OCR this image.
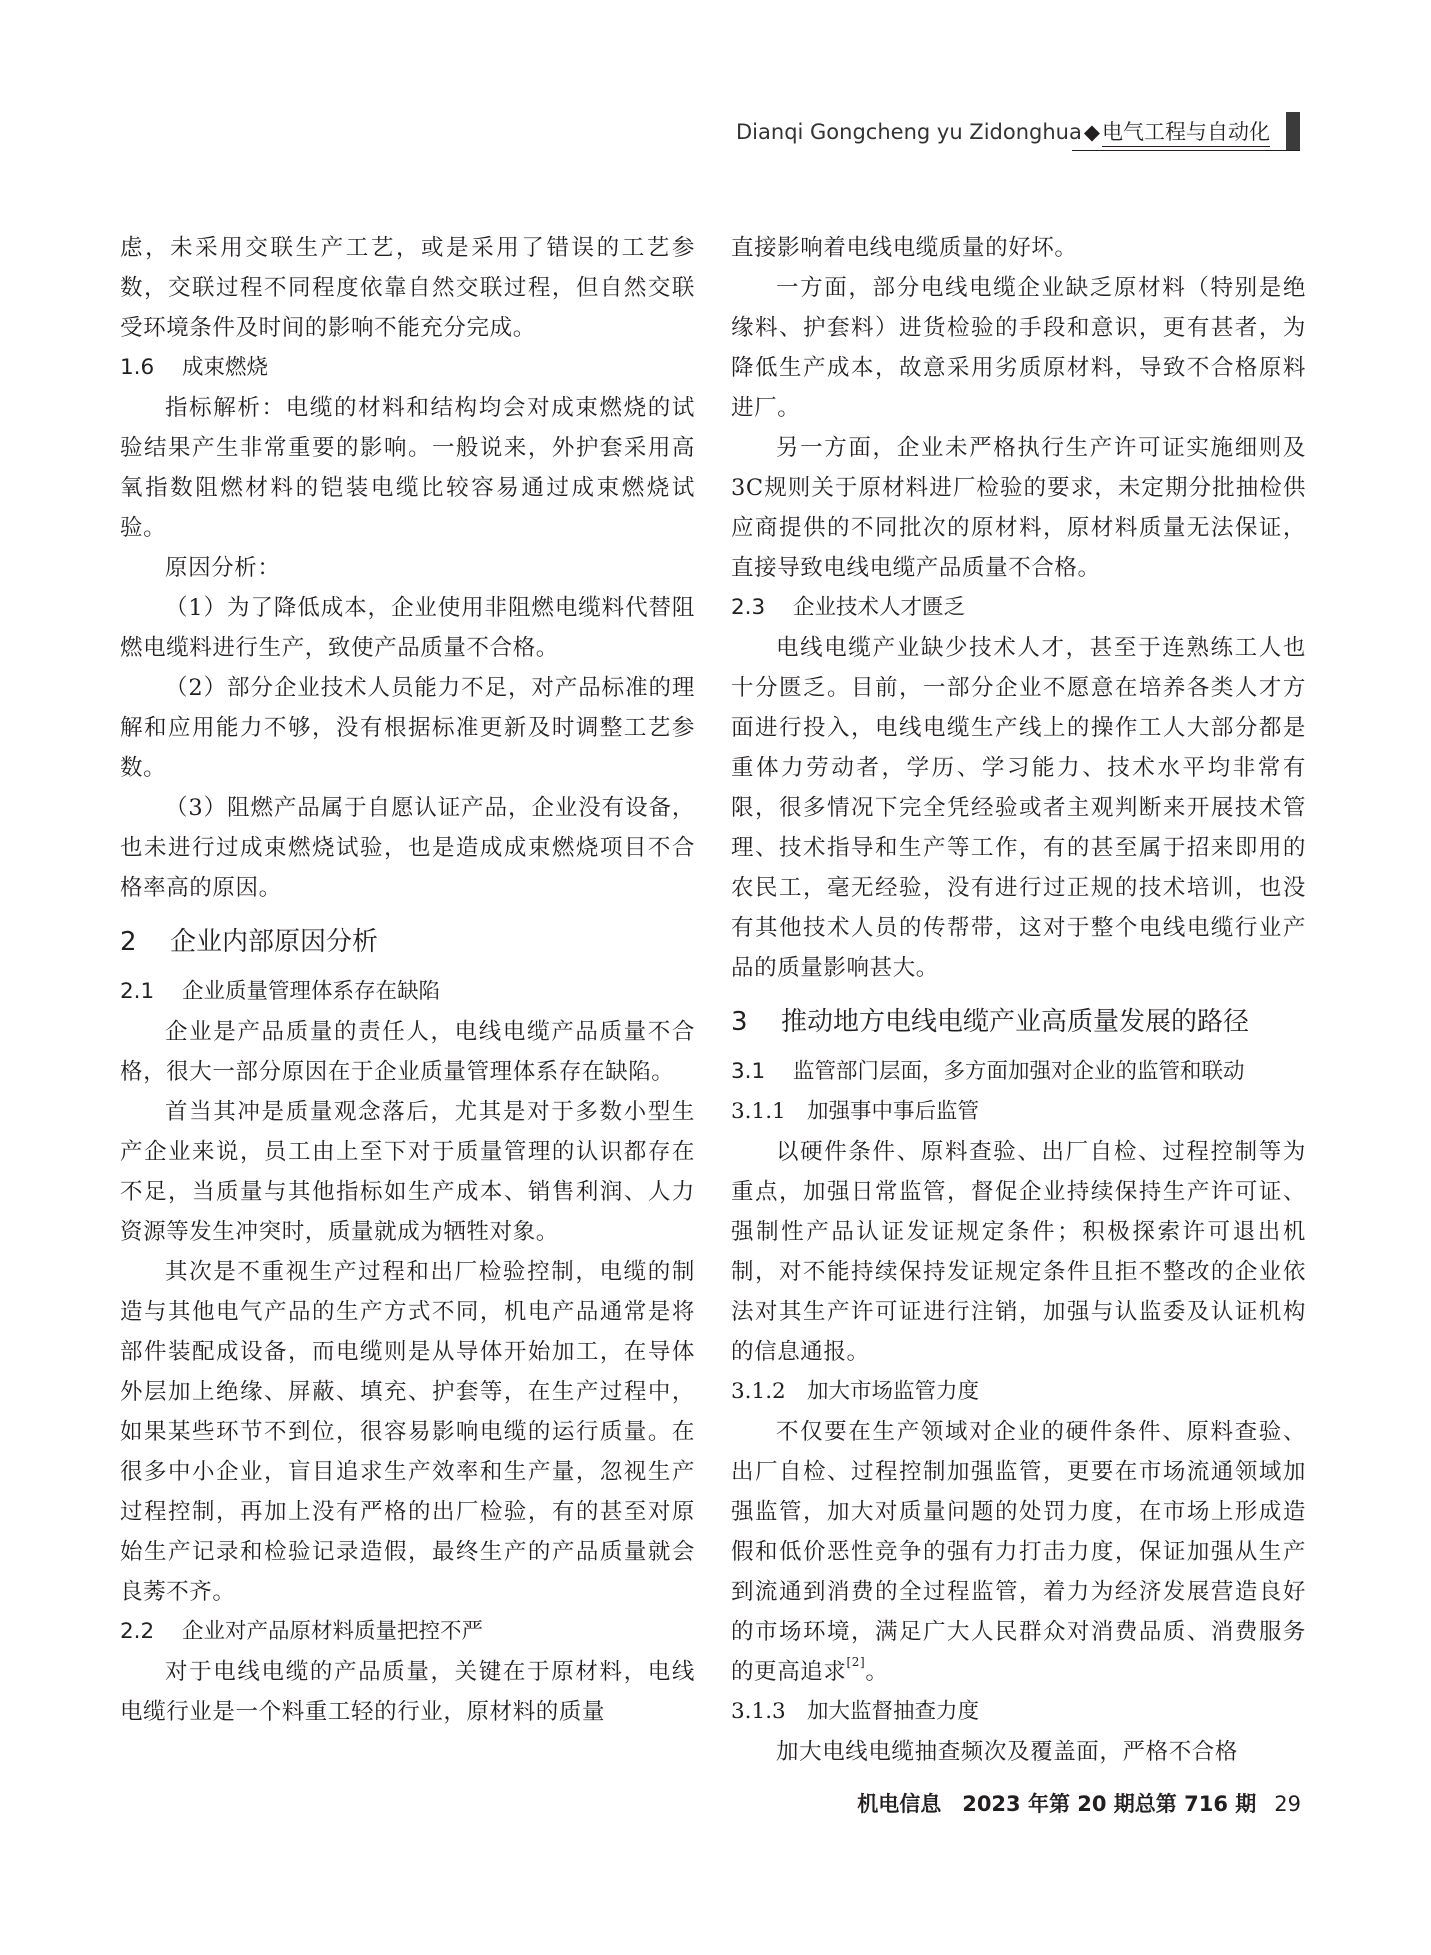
Dianqi Gongcheng yu Zidonghua◆电气工程与自动化

虑，未采用交联生产工艺，或是采用了错误的工艺参数，交联过程不同程度依靠自然交联过程，但自然交联受环境条件及时间的影响不能充分完成。

1.6 成束燃烧

指标解析：电缆的材料和结构均会对成束燃烧的试验结果产生非常重要的影响。一般说来，外护套采用高氧指数阻燃材料的铠装电缆比较容易通过成束燃烧试验。

原因分析：

（1）为了降低成本，企业使用非阻燃电缆料代替阻燃电缆料进行生产，致使产品质量不合格。

（2）部分企业技术人员能力不足，对产品标准的理解和应用能力不够，没有根据标准更新及时调整工艺参数。

（3）阻燃产品属于自愿认证产品，企业没有设备，也未进行过成束燃烧试验，也是造成成束燃烧项目不合格率高的原因。

2 企业内部原因分析
2.1 企业质量管理体系存在缺陷

企业是产品质量的责任人，电线电缆产品质量不合格，很大一部分原因在于企业质量管理体系存在缺陷。

首当其冲是质量观念落后，尤其是对于多数小型生产企业来说，员工由上至下对于质量管理的认识都存在不足，当质量与其他指标如生产成本、销售利润、人力资源等发生冲突时，质量就成为牺牲对象。

其次是不重视生产过程和出厂检验控制，电缆的制造与其他电气产品的生产方式不同，机电产品通常是将部件装配成设备，而电缆则是从导体开始加工，在导体外层加上绝缘、屏蔽、填充、护套等，在生产过程中，如果某些环节不到位，很容易影响电缆的运行质量。在很多中小企业，盲目追求生产效率和生产量，忽视生产过程控制，再加上没有严格的出厂检验，有的甚至对原始生产记录和检验记录造假，最终生产的产品质量就会良莠不齐。

2.2 企业对产品原材料质量把控不严

对于电线电缆的产品质量，关键在于原材料，电线电缆行业是一个料重工轻的行业，原材料的质量

直接影响着电线电缆质量的好坏。

一方面，部分电线电缆企业缺乏原材料（特别是绝缘料、护套料）进货检验的手段和意识，更有甚者，为降低生产成本，故意采用劣质原材料，导致不合格原料进厂。

另一方面，企业未严格执行生产许可证实施细则及3C规则关于原材料进厂检验的要求，未定期分批抽检供应商提供的不同批次的原材料，原材料质量无法保证，直接导致电线电缆产品质量不合格。

2.3 企业技术人才匮乏

电线电缆产业缺少技术人才，甚至于连熟练工人也十分匮乏。目前，一部分企业不愿意在培养各类人才方面进行投入，电线电缆生产线上的操作工人大部分都是重体力劳动者，学历、学习能力、技术水平均非常有限，很多情况下完全凭经验或者主观判断来开展技术管理、技术指导和生产等工作，有的甚至属于招来即用的农民工，毫无经验，没有进行过正规的技术培训，也没有其他技术人员的传帮带，这对于整个电线电缆行业产品的质量影响甚大。

3 推动地方电线电缆产业高质量发展的路径
3.1 监管部门层面，多方面加强对企业的监管和联动
3.1.1 加强事中事后监管

以硬件条件、原料查验、出厂自检、过程控制等为重点，加强日常监管，督促企业持续保持生产许可证、强制性产品认证发证规定条件；积极探索许可退出机制，对不能持续保持发证规定条件且拒不整改的企业依法对其生产许可证进行注销，加强与认监委及认证机构的信息通报。

3.1.2 加大市场监管力度

不仅要在生产领域对企业的硬件条件、原料查验、出厂自检、过程控制加强监管，更要在市场流通领域加强监管，加大对质量问题的处罚力度，在市场上形成造假和低价恶性竞争的强有力打击力度，保证加强从生产到流通到消费的全过程监管，着力为经济发展营造良好的市场环境，满足广大人民群众对消费品质、消费服务的更高追求[2]。

3.1.3 加大监督抽查力度

加大电线电缆抽查频次及覆盖面，严格不合格

机电信息　2023 年第 20 期总第 716 期 29
